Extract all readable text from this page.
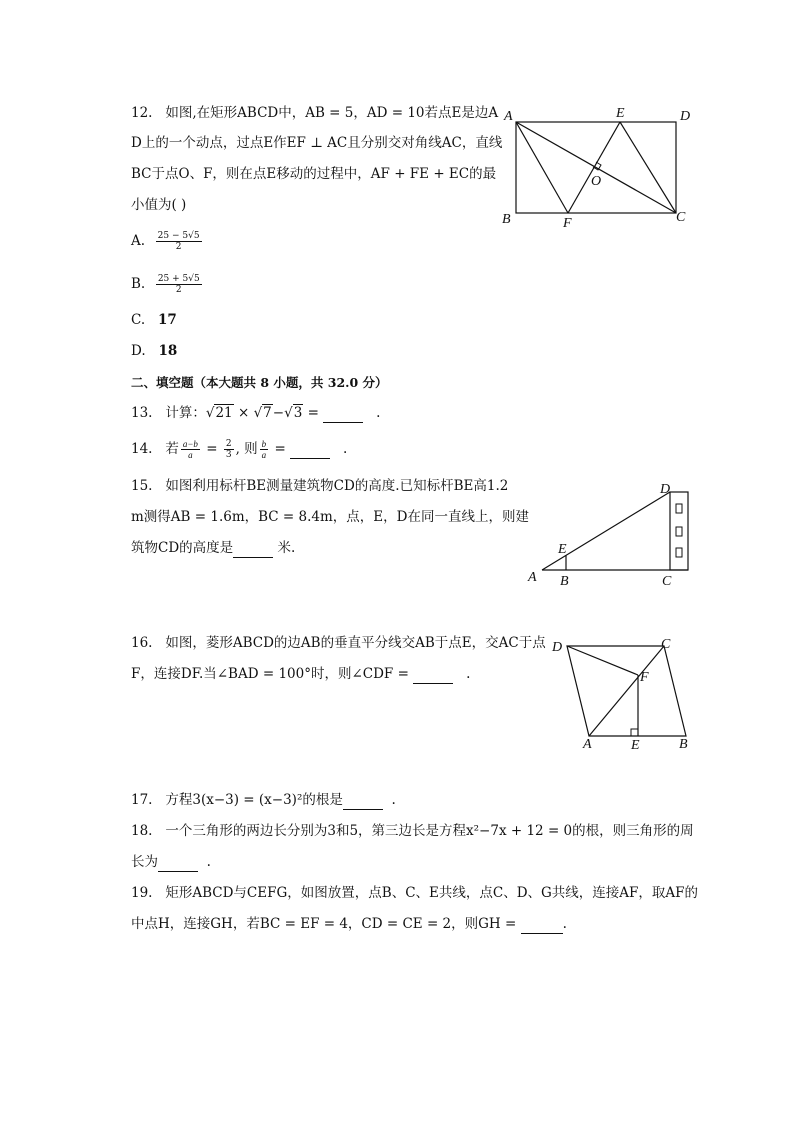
12. 如图,在矩形ABCD中，AB = 5，AD = 10若点E是边A
D上的一个动点，过点E作EF ⊥ AC且分别交对角线AC，直线
BC于点O、F，则在点E移动的过程中，AF + FE + EC的最
小值为( )
A. $\frac{25 - 5√5}{2}$
B. $\frac{25 + 5√5}{2}$
C. 17
D. 18
A	E	D
B	F	C
O
二、填空题（本大题共 8 小题，共 32.0 分）
13. 计算：√21 × √7−√3 =	.
14. 若 $\frac{a-b}{a} = \frac{2}{3}$ , 则 $\frac{b}{a}$ =	.
15. 如图利用标杆BE测量建筑物CD的高度.已知标杆BE高1.2
m测得AB = 1.6m，BC = 8.4m，点，E，D在同一直线上，则建
筑物CD的高度是	米.
D
E
A B	C
16. 如图，菱形ABCD的边AB的垂直平分线交AB于点E，交AC于点
F，连接DF.当∠BAD = 100°时，则∠CDF =	.
D	C
F
A	E	B
17. 方程3(x−3) = (x−3)²的根是	.
18. 一个三角形的两边长分别为3和5，第三边长是方程x²−7x + 12 = 0的根，则三角形的周
长为	.
19. 矩形ABCD与CEFG，如图放置，点B、C、E共线，点C、D、G共线，连接AF，取AF的
中点H，连接GH，若BC = EF = 4，CD = CE = 2，则GH =	.
